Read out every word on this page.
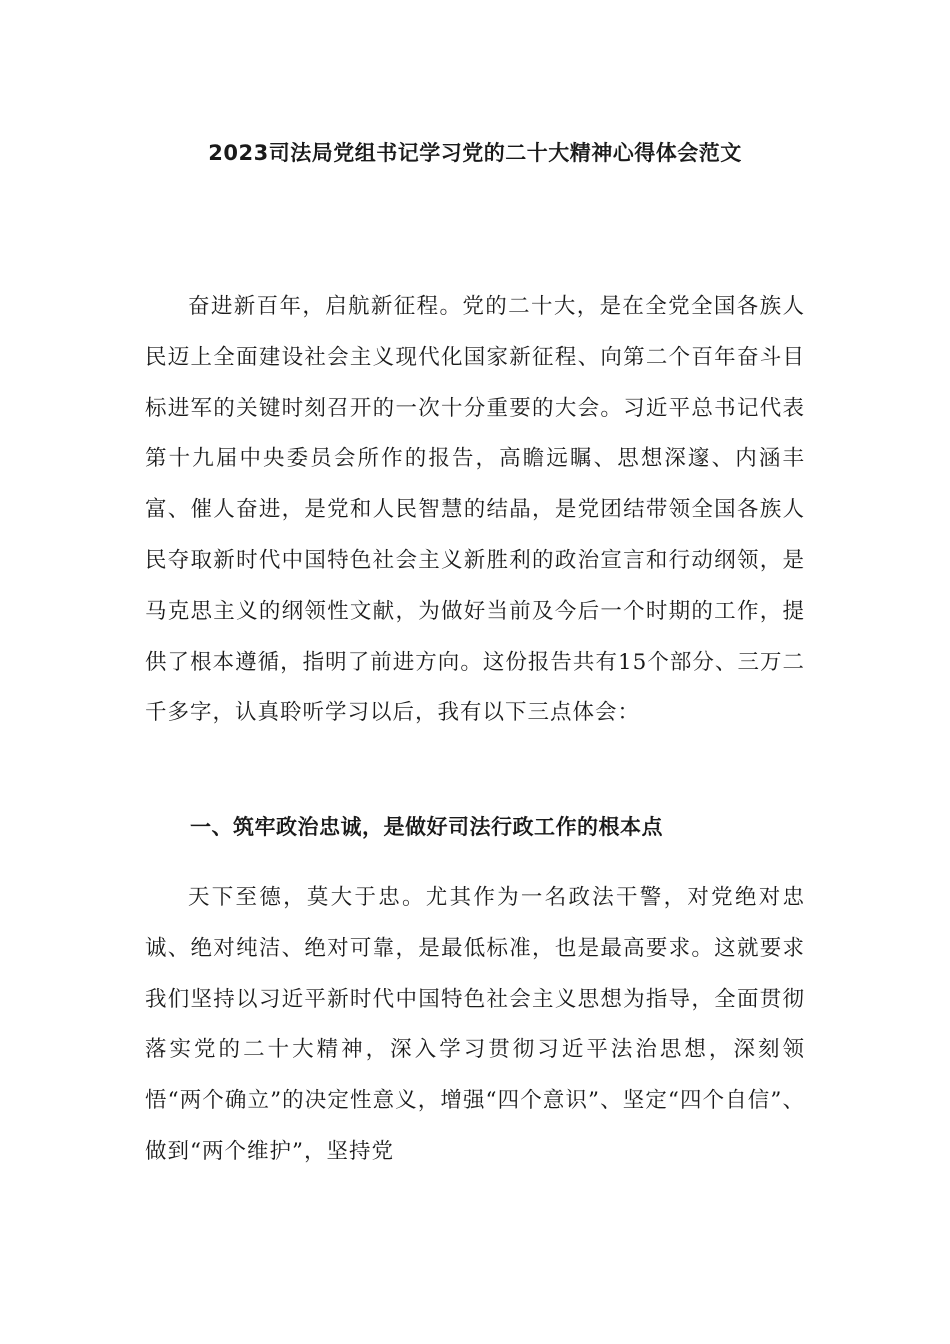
2023司法局党组书记学习党的二十大精神心得体会范文
奋进新百年，启航新征程。党的二十大，是在全党全国各族人民迈上全面建设社会主义现代化国家新征程、向第二个百年奋斗目标进军的关键时刻召开的一次十分重要的大会。习近平总书记代表第十九届中央委员会所作的报告，高瞻远瞩、思想深邃、内涵丰富、催人奋进，是党和人民智慧的结晶，是党团结带领全国各族人民夺取新时代中国特色社会主义新胜利的政治宣言和行动纲领，是马克思主义的纲领性文献，为做好当前及今后一个时期的工作，提供了根本遵循，指明了前进方向。这份报告共有15个部分、三万二千多字，认真聆听学习以后，我有以下三点体会：
一、筑牢政治忠诚，是做好司法行政工作的根本点
天下至德，莫大于忠。尤其作为一名政法干警，对党绝对忠诚、绝对纯洁、绝对可靠，是最低标准，也是最高要求。这就要求我们坚持以习近平新时代中国特色社会主义思想为指导，全面贯彻落实党的二十大精神，深入学习贯彻习近平法治思想，深刻领悟“两个确立”的决定性意义，增强“四个意识”、坚定“四个自信”、做到“两个维护”，坚持党
